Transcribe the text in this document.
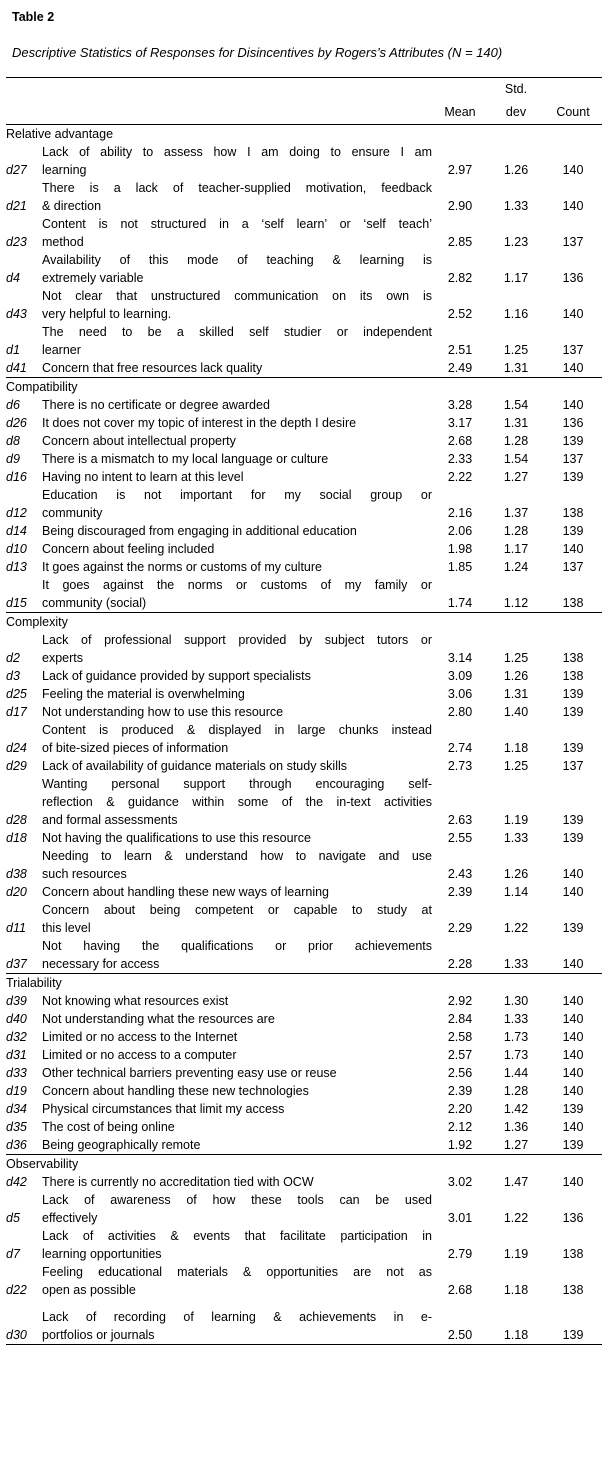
Table 2
Descriptive Statistics of Responses for Disincentives by Rogers’s Attributes (N = 140)
			Std.	
		Mean	dev	Count
Relative advantage				
d27	Lack of ability to assess how I am doing to ensure I am
learning	2.97	1.26	140
d21	There is a lack of teacher-supplied motivation, feedback
& direction	2.90	1.33	140
d23	Content is not structured in a ‘self learn’ or ‘self teach’
method	2.85	1.23	137
d4	Availability of this mode of teaching & learning is
extremely variable	2.82	1.17	136
d43	Not clear that unstructured communication on its own is
very helpful to learning.	2.52	1.16	140
d1	The need to be a skilled self studier or independent
learner	2.51	1.25	137
d41	Concern that free resources lack quality	2.49	1.31	140
Compatibility				
d6	There is no certificate or degree awarded	3.28	1.54	140
d26	It does not cover my topic of interest in the depth I desire	3.17	1.31	136
d8	Concern about intellectual property	2.68	1.28	139
d9	There is a mismatch to my local language or culture	2.33	1.54	137
d16	Having no intent to learn at this level	2.22	1.27	139
d12	Education is not important for my social group or
community	2.16	1.37	138
d14	Being discouraged from engaging in additional education	2.06	1.28	139
d10	Concern about feeling included	1.98	1.17	140
d13	It goes against the norms or customs of my culture	1.85	1.24	137
d15	It goes against the norms or customs of my family or
community (social)	1.74	1.12	138
Complexity				
d2	Lack of professional support provided by subject tutors or
experts	3.14	1.25	138
d3	Lack of guidance provided by support specialists	3.09	1.26	138
d25	Feeling the material is overwhelming	3.06	1.31	139
d17	Not understanding how to use this resource	2.80	1.40	139
d24	Content is produced & displayed in large chunks instead
of bite-sized pieces of information	2.74	1.18	139
d29	Lack of availability of guidance materials on study skills	2.73	1.25	137
d28	Wanting personal support through encouraging self-
reflection & guidance within some of the in-text activities
and formal assessments	2.63	1.19	139
d18	Not having the qualifications to use this resource	2.55	1.33	139
d38	Needing to learn & understand how to navigate and use
such resources	2.43	1.26	140
d20	Concern about handling these new ways of learning	2.39	1.14	140
d11	Concern about being competent or capable to study at
this level	2.29	1.22	139
d37	Not having the qualifications or prior achievements
necessary for access	2.28	1.33	140
Trialability				
d39	Not knowing what resources exist	2.92	1.30	140
d40	Not understanding what the resources are	2.84	1.33	140
d32	Limited or no access to the Internet	2.58	1.73	140
d31	Limited or no access to a computer	2.57	1.73	140
d33	Other technical barriers preventing easy use or reuse	2.56	1.44	140
d19	Concern about handling these new technologies	2.39	1.28	140
d34	Physical circumstances that limit my access	2.20	1.42	139
d35	The cost of being online	2.12	1.36	140
d36	Being geographically remote	1.92	1.27	139
Observability				
d42	There is currently no accreditation tied with OCW	3.02	1.47	140
d5	Lack of awareness of how these tools can be used
effectively	3.01	1.22	136
d7	Lack of activities & events that facilitate participation in
learning opportunities	2.79	1.19	138
d22	Feeling educational materials & opportunities are not as
open as possible	2.68	1.18	138

d30	Lack of recording of learning & achievements in e-
portfolios or journals	2.50	1.18	139
